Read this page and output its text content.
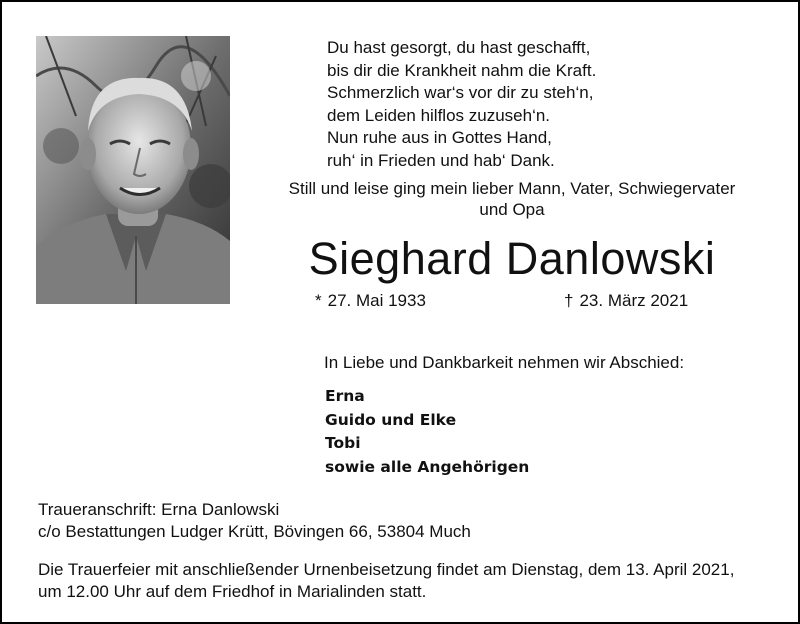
Du hast gesorgt, du hast geschafft,
bis dir die Krankheit nahm die Kraft.
Schmerzlich war‘s vor dir zu steh‘n,
dem Leiden hilflos zuzuseh‘n.
Nun ruhe aus in Gottes Hand,
ruh‘ in Frieden und hab‘ Dank.
Still und leise ging mein lieber Mann, Vater, Schwiegervater
und Opa
Sieghard Danlowski
* 27. Mai 1933	† 23. März 2021
In Liebe und Dankbarkeit nehmen wir Abschied:
Erna
Guido und Elke
Tobi
sowie alle Angehörigen
Traueranschrift: Erna Danlowski
c/o Bestattungen Ludger Krütt, Bövingen 66, 53804 Much
Die Trauerfeier mit anschließender Urnenbeisetzung findet am Dienstag, dem 13. April 2021,
um 12.00 Uhr auf dem Friedhof in Marialinden statt.
